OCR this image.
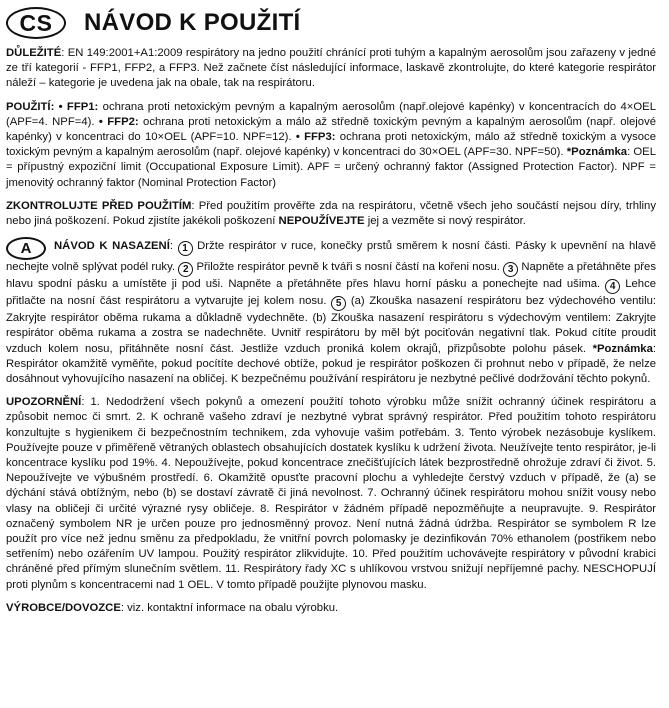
CS	NÁVOD K POUŽITÍ

DŮLEŽITÉ: EN 149:2001+A1:2009 respirátory na jedno použití chránící proti tuhým a kapalným aerosolům jsou zařazeny v jedné ze tří kategorií - FFP1, FFP2, a FFP3. Než začnete číst následující informace, laskavě zkontrolujte, do které kategorie respirátor náleží – kategorie je uvedena jak na obale, tak na respirátoru.

POUŽITÍ: • FFP1: ochrana proti netoxickým pevným a kapalným aerosolům (např.olejové kapénky) v koncentracích do 4×OEL (APF=4. NPF=4). • FFP2: ochrana proti netoxickým a málo až středně toxickým pevným a kapalným aerosolům (např. olejové kapénky) v koncentraci do 10×OEL (APF=10. NPF=12). • FFP3: ochrana proti netoxickým, málo až středně toxickým a vysoce toxickým pevným a kapalným aerosolům (např. olejové kapénky) v koncentraci do 30×OEL (APF=30. NPF=50). *Poznámka: OEL = přípustný expoziční limit (Occupational Exposure Limit). APF = určený ochranný faktor (Assigned Protection Factor). NPF = jmenovitý ochranný faktor (Nominal Protection Factor)

ZKONTROLUJTE PŘED POUŽITÍM: Před použitím prověřte zda na respirátoru, včetně všech jeho součástí nejsou díry, trhliny nebo jiná poškození. Pokud zjistíte jakékoli poškození NEPOUŽÍVEJTE jej a vezměte si nový respirátor.

A NÁVOD K NASAZENÍ: 1 Držte respirátor v ruce, konečky prstů směrem k nosní části. Pásky k upevnění na hlavě nechejte volně splývat podél ruky. 2 Přiložte respirátor pevně k tváři s nosní částí na kořeni nosu. 3 Napněte a přetáhněte přes hlavu spodní pásku a umístěte ji pod uši. Napněte a přetáhněte přes hlavu horní pásku a ponechejte nad ušima. 4 Lehce přitlačte na nosní část respirátoru a vytvarujte jej kolem nosu. 5 (a) Zkouška nasazení respirátoru bez výdechového ventilu: Zakryjte respirátor oběma rukama a důkladně vydechněte. (b) Zkouška nasazení respirátoru s výdechovým ventilem: Zakryjte respirátor oběma rukama a zostra se nadechněte. Uvnitř respirátoru by měl být pociťován negativní tlak. Pokud cítíte proudit vzduch kolem nosu, přitáhněte nosní část. Jestliže vzduch proniká kolem okrajů, přizpůsobte polohu pásek. *Poznámka: Respirátor okamžitě vyměňte, pokud pocítíte dechové obtíže, pokud je respirátor poškozen či prohnut nebo v případě, že nelze dosáhnout vyhovujícího nasazení na obličej. K bezpečnému používání respirátoru je nezbytné pečlivé dodržování těchto pokynů.

UPOZORNĚNÍ: 1. Nedodržení všech pokynů a omezení použití tohoto výrobku může snížit ochranný účinek respirátoru a způsobit nemoc či smrt. 2. K ochraně vašeho zdraví je nezbytné vybrat správný respirátor. Před použitím tohoto respirátoru konzultujte s hygienikem či bezpečnostním technikem, zda vyhovuje vašim potřebám. 3. Tento výrobek nezásobuje kyslíkem. Používejte pouze v přiměřeně větraných oblastech obsahujících dostatek kyslíku k udržení života. Neužívejte tento respirátor, je-li koncentrace kyslíku pod 19%. 4. Nepoužívejte, pokud koncentrace znečišťujících látek bezprostředně ohrožuje zdraví či život. 5. Nepoužívejte ve výbušném prostředí. 6. Okamžitě opusťte pracovní plochu a vyhledejte čerstvý vzduch v případě, že (a) se dýchání stává obtížným, nebo (b) se dostaví závratě či jiná nevolnost. 7. Ochranný účinek respirátoru mohou snížit vousy nebo vlasy na obličeji či určité výrazné rysy obličeje. 8. Respirátor v žádném případě nepozměňujte a neupravujte. 9. Respirátor označený symbolem NR je určen pouze pro jednosměnný provoz. Není nutná žádná údržba. Respirátor se symbolem R lze použít pro více než jednu směnu za předpokladu, že vnitřní povrch polomasky je dezinfikován 70% ethanolem (postřikem nebo setřením) nebo ozářením UV lampou. Použitý respirátor zlikvidujte. 10. Před použitím uchovávejte respirátory v původní krabici chráněné před přímým slunečním světlem. 11. Respirátory řady XC s uhlíkovou vrstvou snižují nepříjemné pachy. NESCHOPUJÍ proti plynům s koncentracemi nad 1 OEL. V tomto případě použijte plynovou masku.

VÝROBCE/DOVOZCE: viz. kontaktní informace na obalu výrobku.
